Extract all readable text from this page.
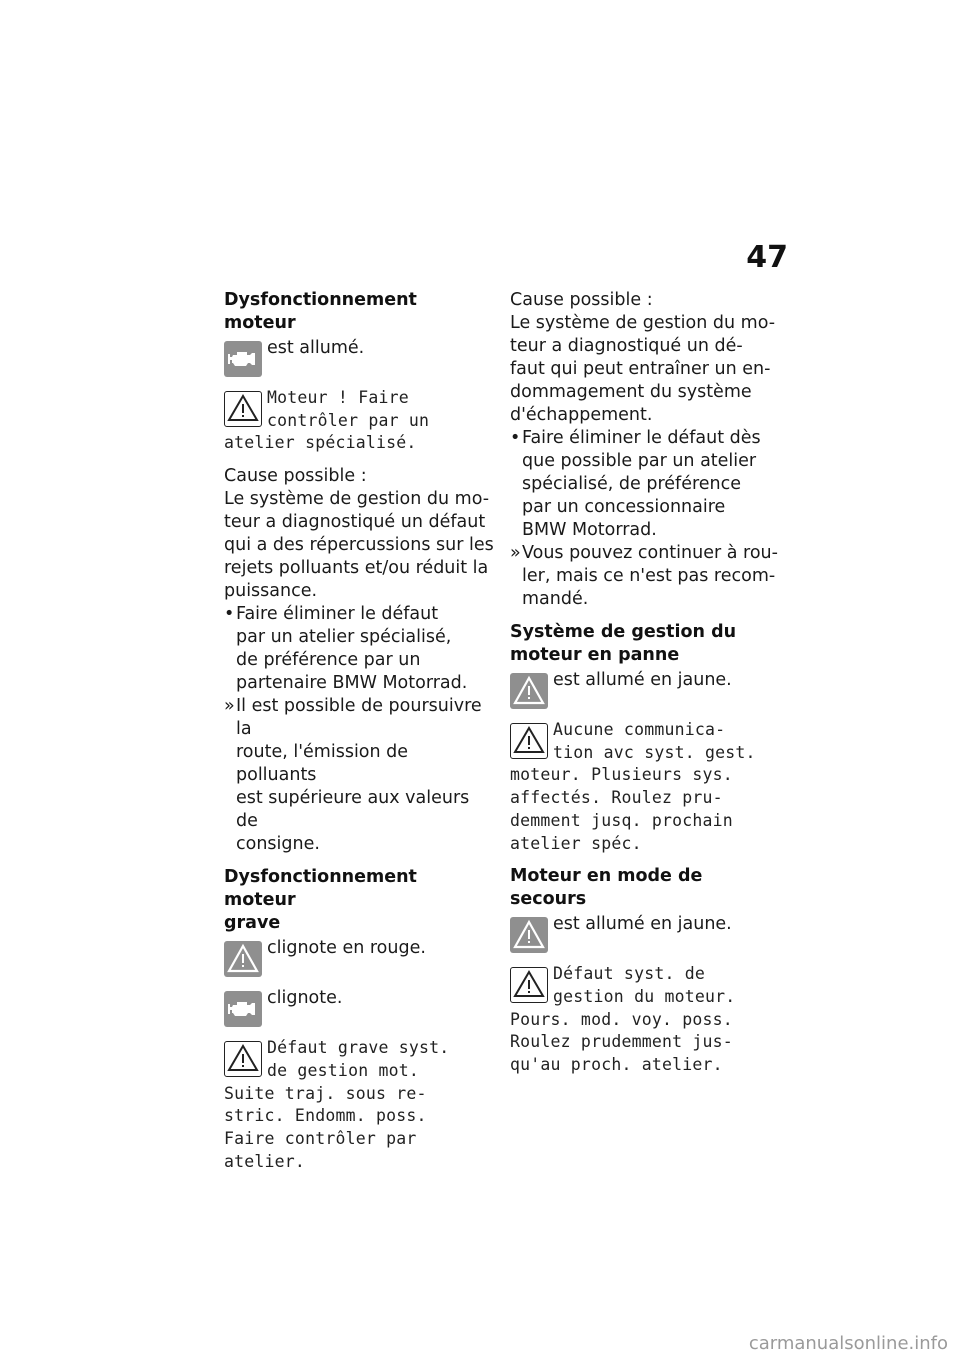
47

Dysfonctionnement moteur

est allumé.

Moteur ! Faire

contrôler par un

atelier spécialisé.

Cause possible :

Le système de gestion du mo-

teur a diagnostiqué un défaut

qui a des répercussions sur les

rejets polluants et/ou réduit la

puissance.

• Faire éliminer le défaut

par un atelier spécialisé,

de préférence par un

partenaire BMW Motorrad.

» Il est possible de poursuivre la

route, l'émission de polluants

est supérieure aux valeurs de

consigne.

Dysfonctionnement moteur

grave

clignote en rouge.

clignote.

Défaut grave syst.

de gestion mot.

Suite traj. sous re-

stric. Endomm. poss.

Faire contrôler par

atelier.

Cause possible :

Le système de gestion du mo-

teur a diagnostiqué un dé-

faut qui peut entraîner un en-

dommagement du système

d'échappement.

• Faire éliminer le défaut dès

que possible par un atelier

spécialisé, de préférence

par un concessionnaire

BMW Motorrad.

» Vous pouvez continuer à rou-

ler, mais ce n'est pas recom-

mandé.

Système de gestion du

moteur en panne

est allumé en jaune.

Aucune communica-

tion avc syst. gest.

moteur. Plusieurs sys.

affectés. Roulez pru-

demment jusq. prochain

atelier spéc.

Moteur en mode de secours

est allumé en jaune.

Défaut syst. de

gestion du moteur.

Pours. mod. voy. poss.

Roulez prudemment jus-

qu'au proch. atelier.

carmanualsonline.info
